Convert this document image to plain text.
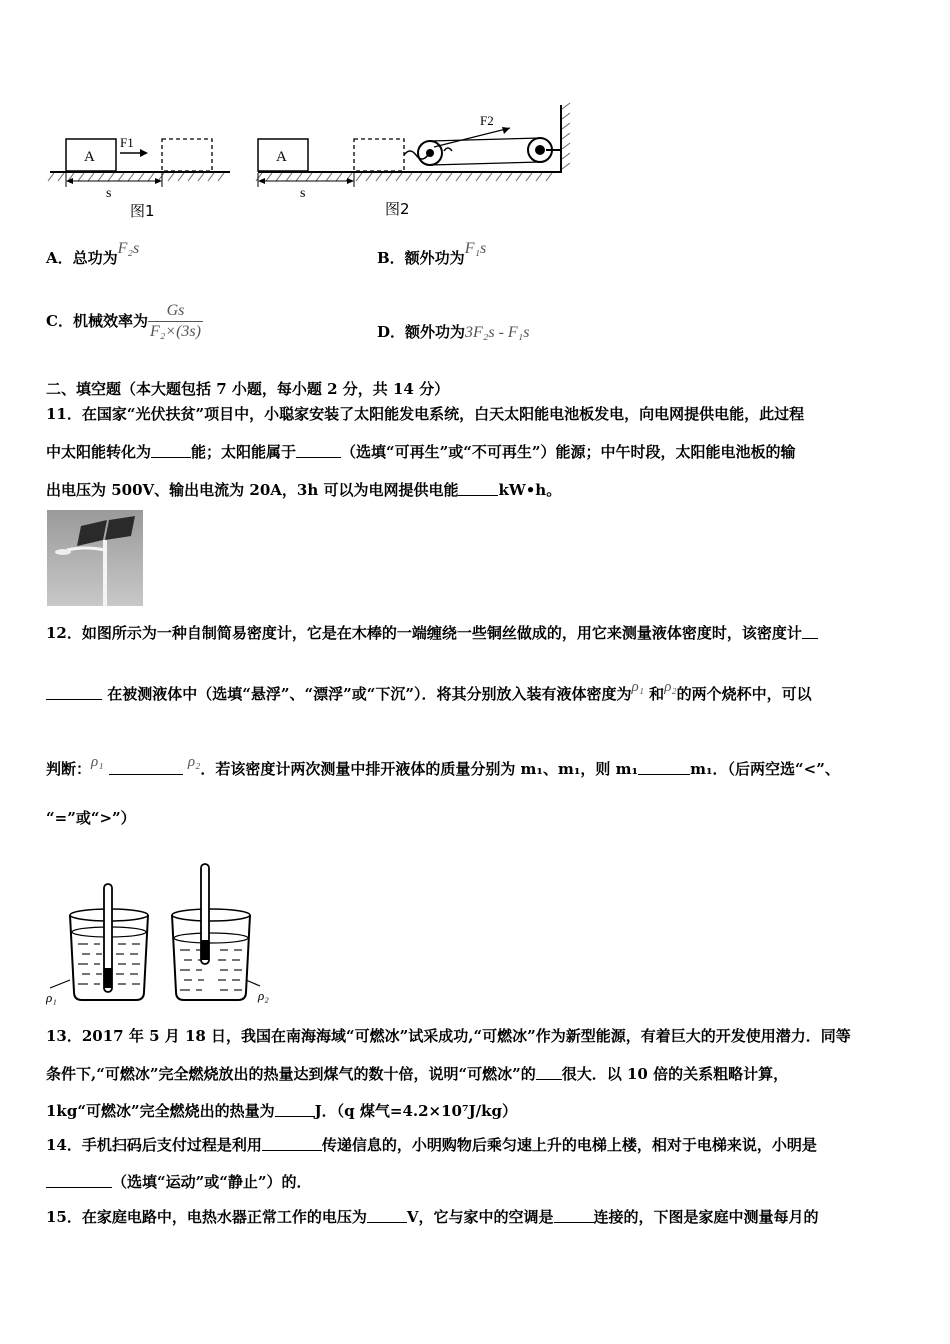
A
F1
s
A
F2
s
图1	图2
A．总功为F₂s
B．额外功为F₁s
C．机械效率为 $\frac{Gs}{\text{F₂×(3s)}}$	D．额外功为3F₂s - F₁s
二、填空题（本大题包括 7 小题，每小题 2 分，共 14 分）
11．在国家“光伏扶贫”项目中，小聪家安装了太阳能发电系统，白天太阳能电池板发电，向电网提供电能，此过程
中太阳能转化为	能；太阳能属于	（选填“可再生”或“不可再生”）能源；中午时段，太阳能电池板的输
出电压为 500V、输出电流为 20A，3h 可以为电网提供电能	kW•h。
12．如图所示为一种自制简易密度计，它是在木棒的一端缠绕一些铜丝做成的，用它来测量液体密度时，该密度计
在被测液体中（选填“悬浮”、“漂浮”或“下沉”）．将其分别放入装有液体密度为ρ₁ 和ρ₂的两个烧杯中，可以
判断：ρ₁	ρ₂．若该密度计两次测量中排开液体的质量分别为 m₁、m₁，则 m₁	m₁．（后两空选“<”、
“=”或“>”）
ρ₁	ρ₂
13．2017 年 5 月 18 日，我国在南海海域“可燃冰”试采成功,“可燃冰”作为新型能源，有着巨大的开发使用潜力．同等
条件下,“可燃冰”完全燃烧放出的热量达到煤气的数十倍，说明“可燃冰”的 很大．以 10 倍的关系粗略计算，
1kg“可燃冰”完全燃烧出的热量为	J．（q 煤气=4.2×10⁷J/kg）
14．手机扫码后支付过程是利用	传递信息的，小明购物后乘匀速上升的电梯上楼，相对于电梯来说，小明是
（选填“运动”或“静止”）的．
15．在家庭电路中，电热水器正常工作的电压为	V，它与家中的空调是	连接的，下图是家庭中测量每月的
